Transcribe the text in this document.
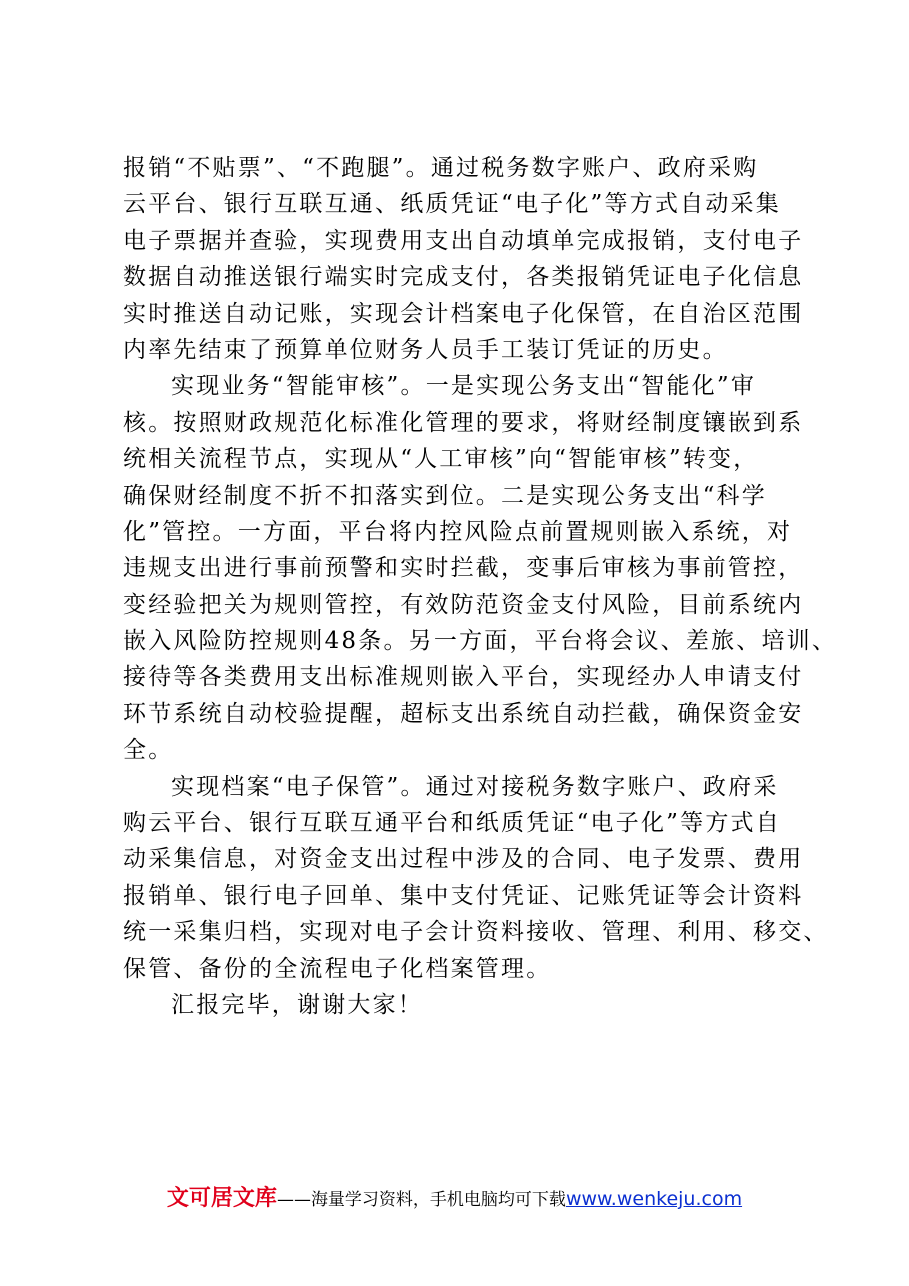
报销“不贴票”、“不跑腿”。通过税务数字账户、政府采购
云平台、银行互联互通、纸质凭证“电子化”等方式自动采集
电子票据并查验，实现费用支出自动填单完成报销，支付电子
数据自动推送银行端实时完成支付，各类报销凭证电子化信息
实时推送自动记账，实现会计档案电子化保管，在自治区范围
内率先结束了预算单位财务人员手工装订凭证的历史。
实现业务“智能审核”。一是实现公务支出“智能化”审
核。按照财政规范化标准化管理的要求，将财经制度镶嵌到系
统相关流程节点，实现从“人工审核”向“智能审核”转变，
确保财经制度不折不扣落实到位。二是实现公务支出“科学
化”管控。一方面，平台将内控风险点前置规则嵌入系统，对
违规支出进行事前预警和实时拦截，变事后审核为事前管控，
变经验把关为规则管控，有效防范资金支付风险，目前系统内
嵌入风险防控规则48条。另一方面，平台将会议、差旅、培训、
接待等各类费用支出标准规则嵌入平台，实现经办人申请支付
环节系统自动校验提醒，超标支出系统自动拦截，确保资金安
全。
实现档案“电子保管”。通过对接税务数字账户、政府采
购云平台、银行互联互通平台和纸质凭证“电子化”等方式自
动采集信息，对资金支出过程中涉及的合同、电子发票、费用
报销单、银行电子回单、集中支付凭证、记账凭证等会计资料
统一采集归档，实现对电子会计资料接收、管理、利用、移交、
保管、备份的全流程电子化档案管理。
汇报完毕，谢谢大家！
文可居文库——海量学习资料，手机电脑均可下载www.wenkeju.com
